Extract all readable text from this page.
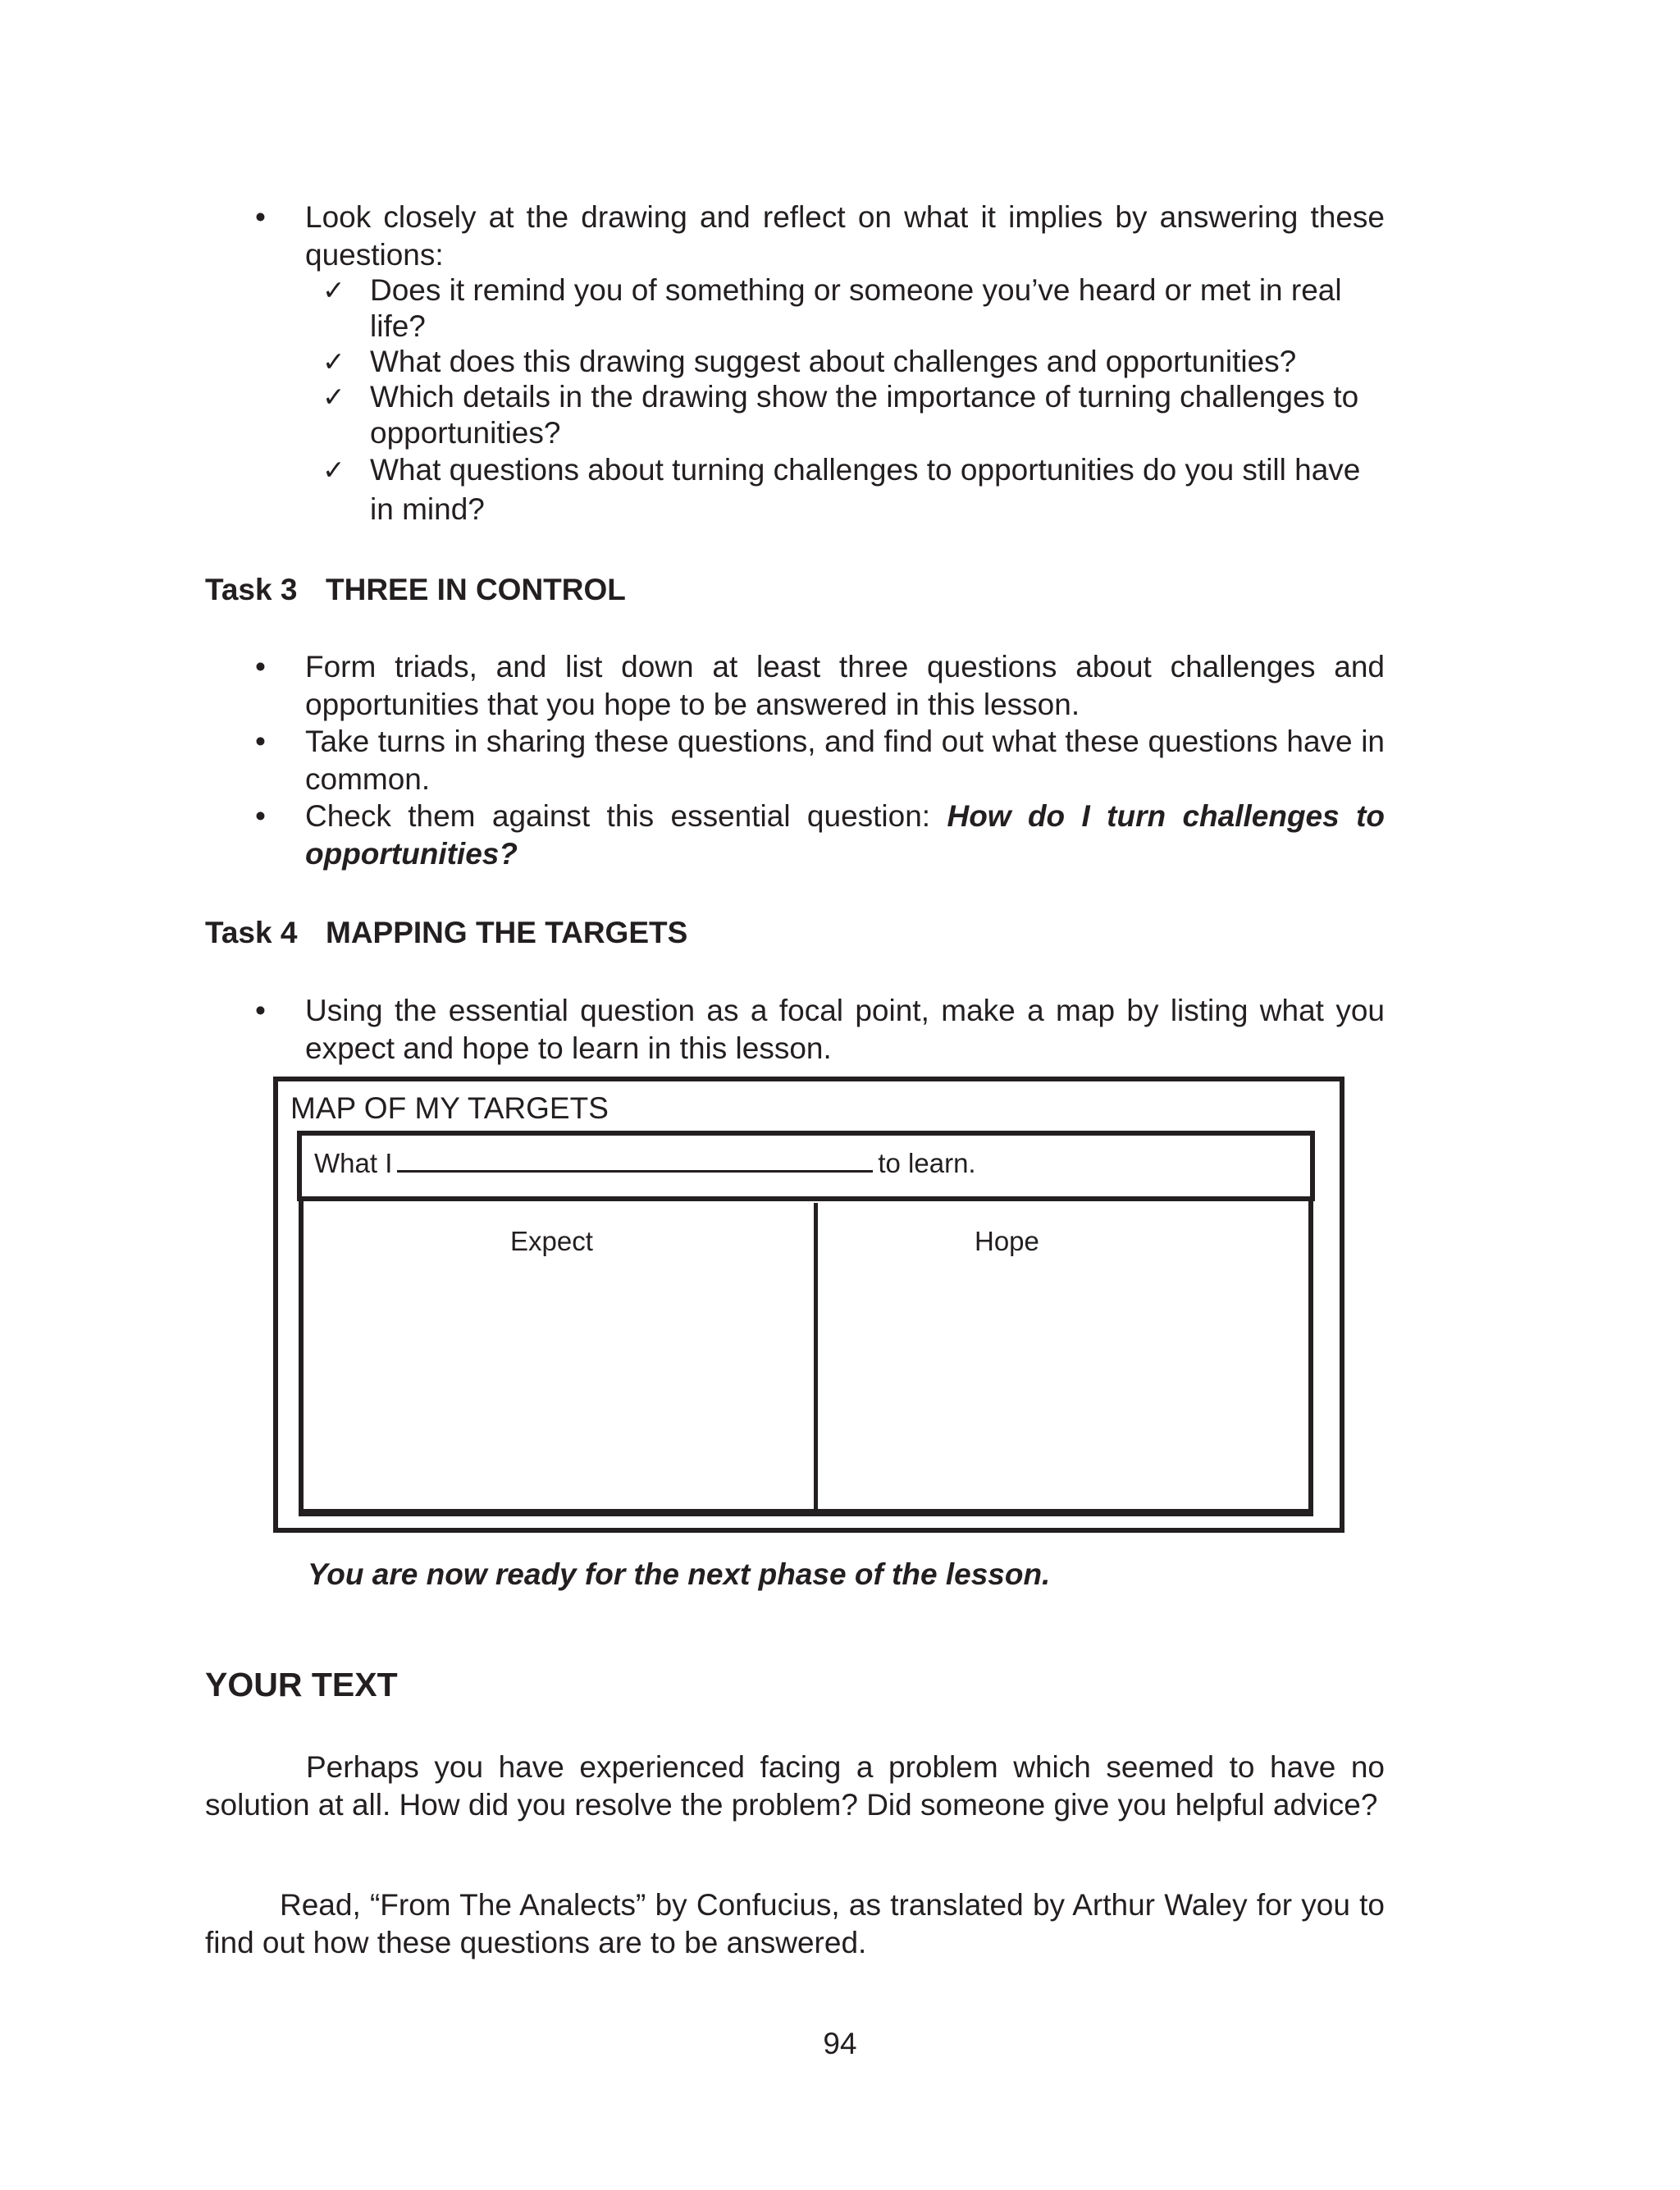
• Look closely at the drawing and reflect on what it implies by answering these questions:

✓ Does it remind you of something or someone you’ve heard or met in real life?

✓ What does this drawing suggest about challenges and opportunities?

✓ Which details in the drawing show the importance of turning challenges to opportunities?

✓ What questions about turning challenges to opportunities do you still have in mind?

Task 3 THREE IN CONTROL

• Form triads, and list down at least three questions about challenges and opportunities that you hope to be answered in this lesson.

• Take turns in sharing these questions, and find out what these questions have in common.

• Check them against this essential question: How do I turn challenges to opportunities?

Task 4 MAPPING THE TARGETS

• Using the essential question as a focal point, make a map by listing what you expect and hope to learn in this lesson.

MAP OF MY TARGETS

What I	to learn.

Expect	Hope

You are now ready for the next phase of the lesson.

YOUR TEXT

Perhaps you have experienced facing a problem which seemed to have no solution at all. How did you resolve the problem? Did someone give you helpful advice?

Read, “From The Analects” by Confucius, as translated by Arthur Waley for you to find out how these questions are to be answered.

94
